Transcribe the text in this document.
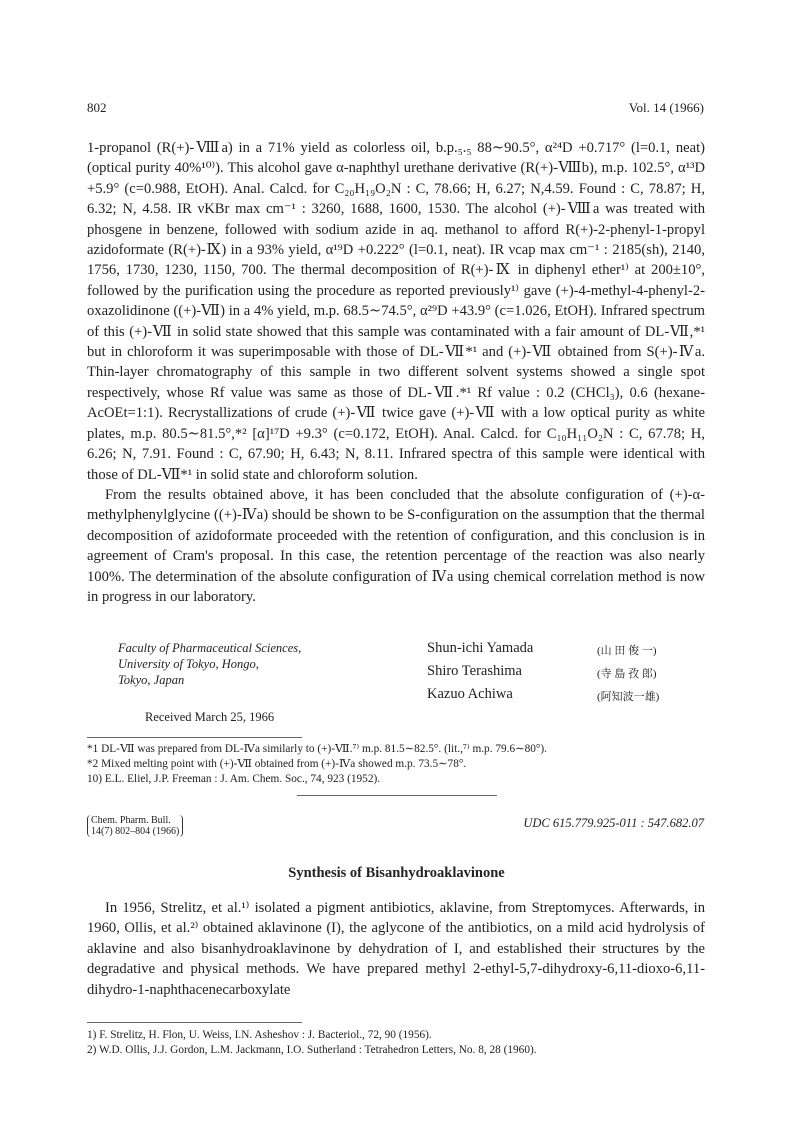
802	Vol. 14 (1966)

1-propanol (R(+)-Ⅷa) in a 71% yield as colorless oil, b.p.₅.₅ 88∼90.5°, α²⁴D +0.717° (l=0.1, neat)(optical purity 40%¹⁰⁾). This alcohol gave α-naphthyl urethane derivative (R(+)-Ⅷb), m.p. 102.5°, α¹³D +5.9° (c=0.988, EtOH). Anal. Calcd. for C₂₀H₁₉O₂N : C, 78.66; H, 6.27; N,4.59. Found : C, 78.87; H, 6.32; N, 4.58. IR νKBr max cm⁻¹ : 3260, 1688, 1600, 1530. The alcohol (+)-Ⅷa was treated with phosgene in benzene, followed with sodium azide in aq. methanol to afford R(+)-2-phenyl-1-propyl azidoformate (R(+)-Ⅸ) in a 93% yield, α¹⁹D +0.222° (l=0.1, neat). IR νcap max cm⁻¹ : 2185(sh), 2140, 1756, 1730, 1230, 1150, 700. The thermal decomposition of R(+)-Ⅸ in diphenyl ether¹⁾ at 200±10°, followed by the purification using the procedure as reported previously¹⁾ gave (+)-4-methyl-4-phenyl-2-oxazolidinone ((+)-Ⅶ) in a 4% yield, m.p. 68.5∼74.5°, α²⁹D +43.9° (c=1.026, EtOH). Infrared spectrum of this (+)-Ⅶ in solid state showed that this sample was contaminated with a fair amount of DL-Ⅶ,*¹ but in chloroform it was superimposable with those of DL-Ⅶ*¹ and (+)-Ⅶ obtained from S(+)-Ⅳa. Thin-layer chromatography of this sample in two different solvent systems showed a single spot respectively, whose Rf value was same as those of DL-Ⅶ.*¹ Rf value : 0.2 (CHCl₃), 0.6 (hexane-AcOEt=1:1). Recrystallizations of crude (+)-Ⅶ twice gave (+)-Ⅶ with a low optical purity as white plates, m.p. 80.5∼81.5°,*² [α]¹⁷D +9.3° (c=0.172, EtOH). Anal. Calcd. for C₁₀H₁₁O₂N : C, 67.78; H, 6.26; N, 7.91. Found : C, 67.90; H, 6.43; N, 8.11. Infrared spectra of this sample were identical with those of DL-Ⅶ*¹ in solid state and chloroform solution.

From the results obtained above, it has been concluded that the absolute configuration of (+)-α-methylphenylglycine ((+)-Ⅳa) should be shown to be S-configuration on the assumption that the thermal decomposition of azidoformate proceeded with the retention of configuration, and this conclusion is in agreement of Cram's proposal. In this case, the retention percentage of the reaction was also nearly 100%. The determination of the absolute configuration of Ⅳa using chemical correlation method is now in progress in our laboratory.

Faculty of Pharmaceutical Sciences,
University of Tokyo, Hongo,
Tokyo, Japan
Shun-ichi Yamada	(山 田 俊 一)
Shiro Terashima	(寺 島 孜 郎)
Kazuo Achiwa	(阿知波一雄)
Received March 25, 1966
*1 DL-Ⅶ was prepared from DL-Ⅳa similarly to (+)-Ⅶ.⁷⁾ m.p. 81.5∼82.5°. (lit.,⁷⁾ m.p. 79.6∼80°).
*2 Mixed melting point with (+)-Ⅶ obtained from (+)-Ⅳa showed m.p. 73.5∼78°.
10) E.L. Eliel, J.P. Freeman : J. Am. Chem. Soc., 74, 923 (1952).
Chem. Pharm. Bull.
14(7) 802–804 (1966)
UDC 615.779.925-011 : 547.682.07
Synthesis of Bisanhydroaklavinone
In 1956, Strelitz, et al.¹⁾ isolated a pigment antibiotics, aklavine, from Streptomyces. Afterwards, in 1960, Ollis, et al.²⁾ obtained aklavinone (I), the aglycone of the antibiotics, on a mild acid hydrolysis of aklavine and also bisanhydroaklavinone by dehydration of I, and established their structures by the degradative and physical methods. We have prepared methyl 2-ethyl-5,7-dihydroxy-6,11-dioxo-6,11-dihydro-1-naphthacenecarboxylate
1) F. Strelitz, H. Flon, U. Weiss, I.N. Asheshov : J. Bacteriol., 72, 90 (1956).
2) W.D. Ollis, J.J. Gordon, L.M. Jackmann, I.O. Sutherland : Tetrahedron Letters, No. 8, 28 (1960).
